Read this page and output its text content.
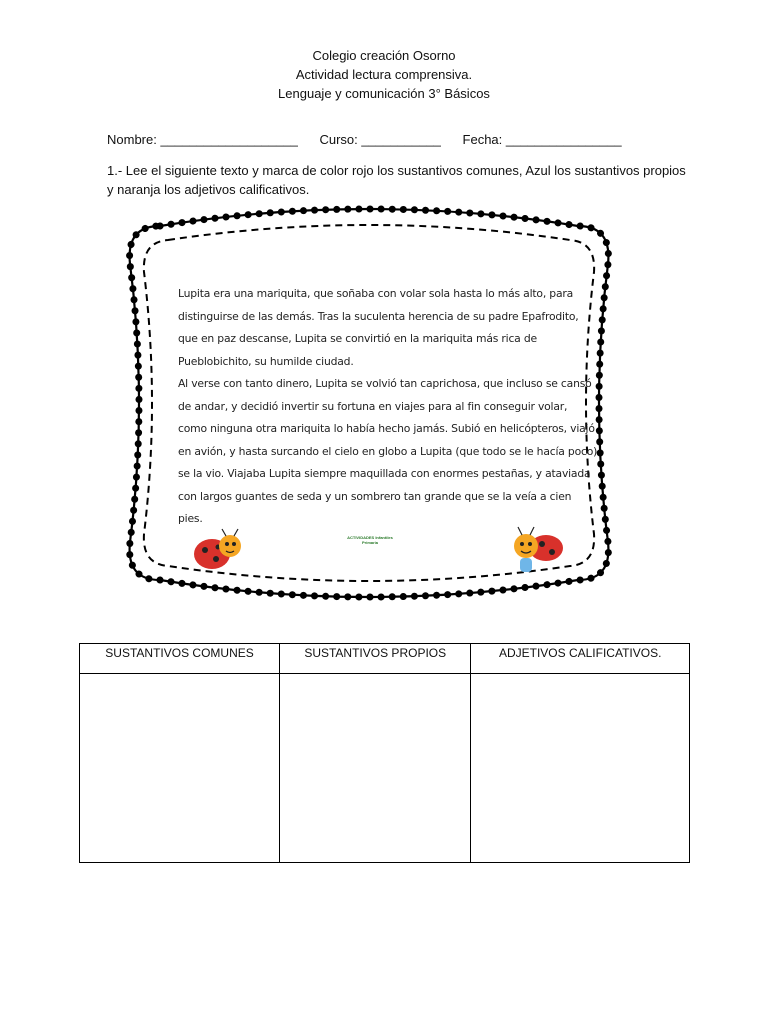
Colegio creación Osorno
Actividad lectura comprensiva.
Lenguaje y comunicación 3° Básicos
Nombre: ___________________ Curso: ___________ Fecha: ________________
1.- Lee el siguiente texto y marca de color rojo los sustantivos comunes, Azul los sustantivos propios y naranja los adjetivos calificativos.

Lupita era una mariquita, que soñaba con volar sola hasta lo más alto, para distinguirse de las demás. Tras la suculenta herencia de su padre Epafrodito, que en paz descanse, Lupita se convirtió en la mariquita más rica de Pueblobichito, su humilde ciudad.

Al verse con tanto dinero, Lupita se volvió tan caprichosa, que incluso se cansó de andar, y decidió invertir su fortuna en viajes para al fin conseguir volar, como ninguna otra mariquita lo había hecho jamás. Subió en helicópteros, viajó en avión, y hasta surcando el cielo en globo a Lupita (que todo se le hacía poco) se la vio. Viajaba Lupita siempre maquillada con enormes pestañas, y ataviada con largos guantes de seda y un sombrero tan grande que se la veía a cien pies.

ACTIVIDADES Infantiles Primaria
SUSTANTIVOS COMUNES	SUSTANTIVOS PROPIOS	ADJETIVOS CALIFICATIVOS.
